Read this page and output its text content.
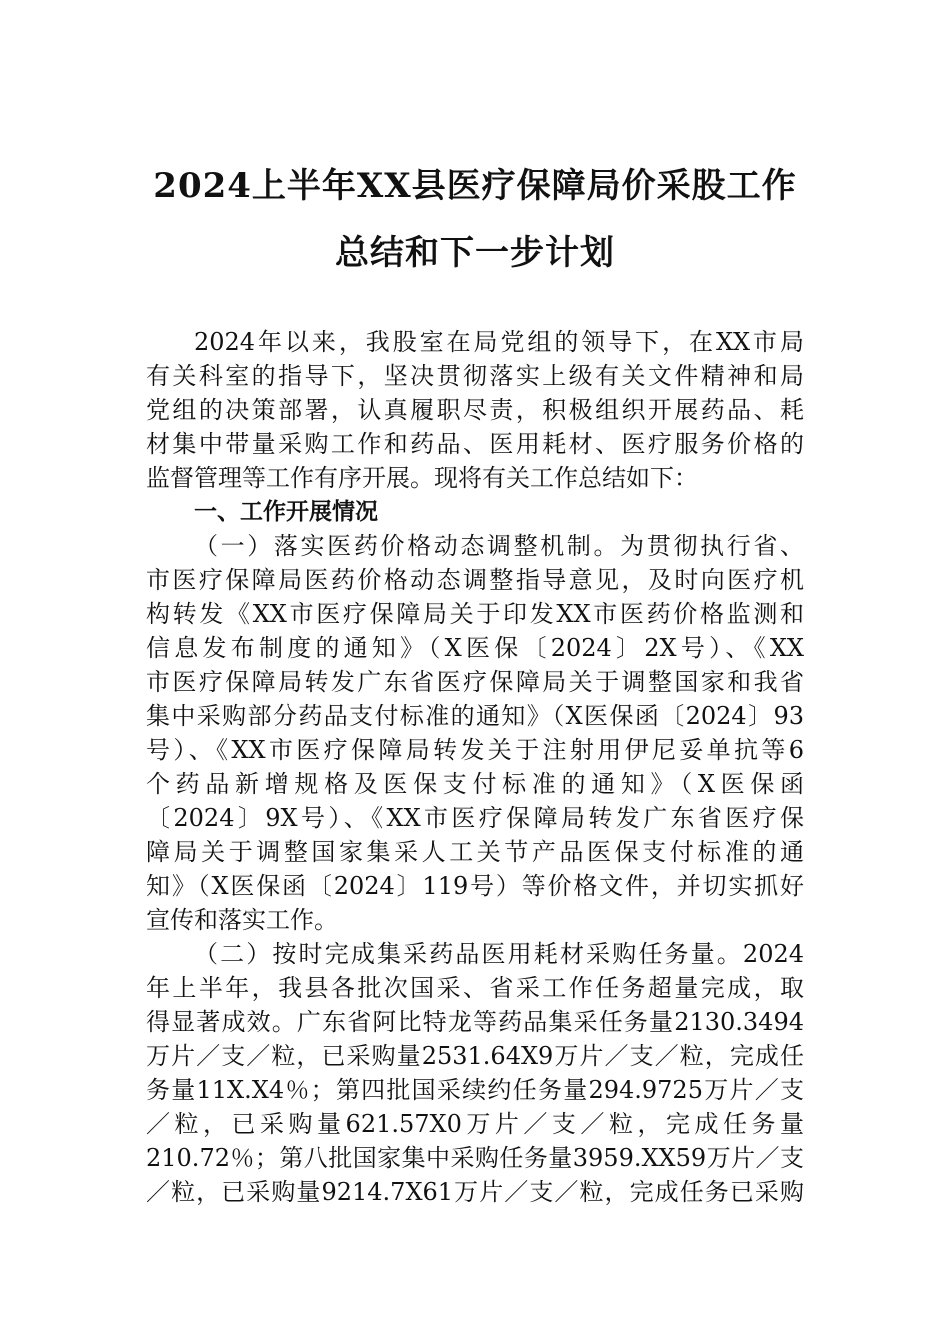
2024上半年XX县医疗保障局价采股工作
总结和下一步计划
2024年以来，我股室在局党组的领导下，在XX市局
有关科室的指导下，坚决贯彻落实上级有关文件精神和局
党组的决策部署，认真履职尽责，积极组织开展药品、耗
材集中带量采购工作和药品、医用耗材、医疗服务价格的
监督管理等工作有序开展。现将有关工作总结如下：
一、工作开展情况
（一）落实医药价格动态调整机制。为贯彻执行省、
市医疗保障局医药价格动态调整指导意见，及时向医疗机
构转发《XX市医疗保障局关于印发XX市医药价格监测和
信息发布制度的通知》（X医保〔2024〕2X号）、《XX
市医疗保障局转发广东省医疗保障局关于调整国家和我省
集中采购部分药品支付标准的通知》（X医保函〔2024〕93
号）、《XX市医疗保障局转发关于注射用伊尼妥单抗等6
个药品新增规格及医保支付标准的通知》（X医保函
〔2024〕9X号）、《XX市医疗保障局转发广东省医疗保
障局关于调整国家集采人工关节产品医保支付标准的通
知》（X医保函〔2024〕119号）等价格文件，并切实抓好
宣传和落实工作。
（二）按时完成集采药品医用耗材采购任务量。2024
年上半年，我县各批次国采、省采工作任务超量完成，取
得显著成效。广东省阿比特龙等药品集采任务量2130.3494
万片／支／粒，已采购量2531.64X9万片／支／粒，完成任
务量11X.X4％；第四批国采续约任务量294.9725万片／支
／粒，已采购量621.57X0万片／支／粒，完成任务量
210.72％；第八批国家集中采购任务量3959.XX59万片／支
／粒，已采购量9214.7X61万片／支／粒，完成任务已采购
